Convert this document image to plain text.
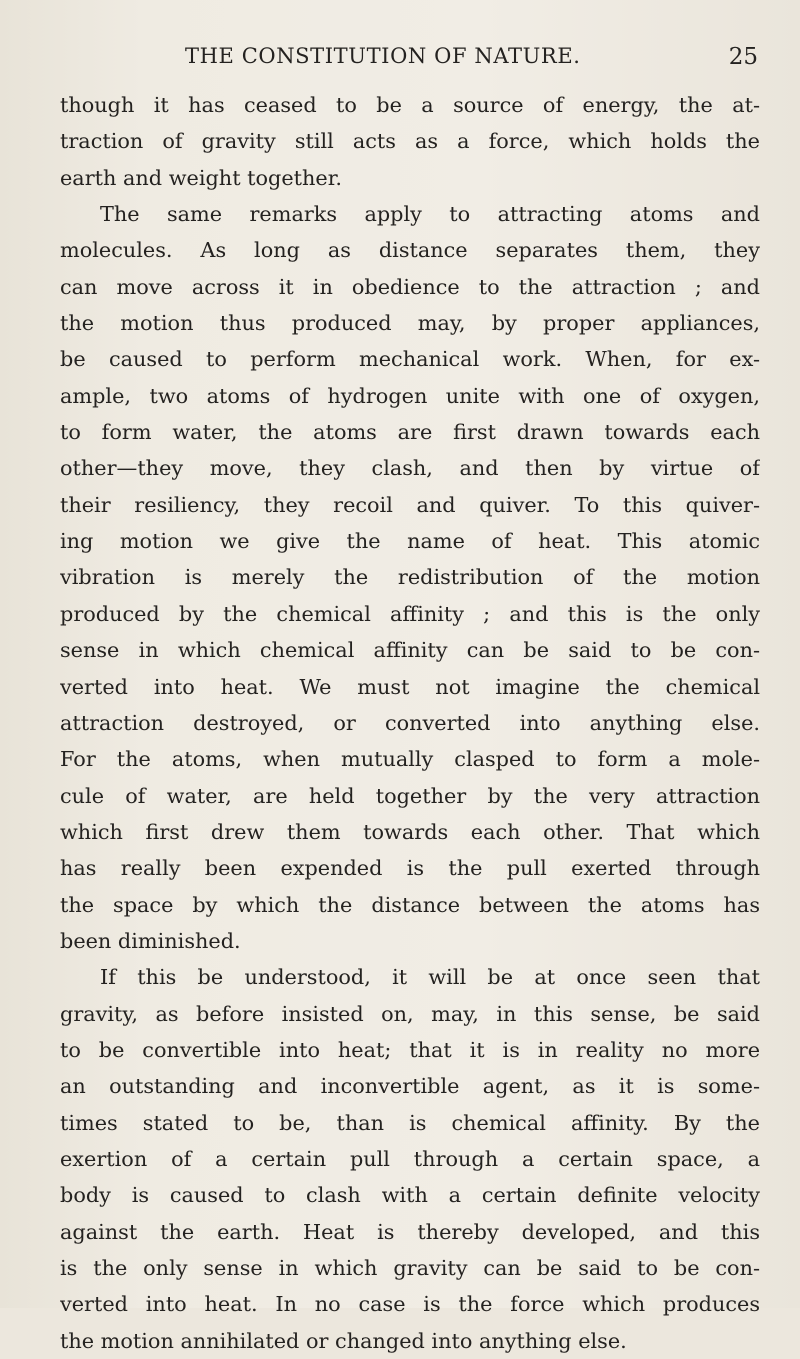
THE CONSTITUTION OF NATURE.	25
though it has ceased to be a source of energy, the at-
traction of gravity still acts as a force, which holds the
earth and weight together.
The same remarks apply to attracting atoms and
molecules. As long as distance separates them, they
can move across it in obedience to the attraction ; and
the motion thus produced may, by proper appliances,
be caused to perform mechanical work. When, for ex-
ample, two atoms of hydrogen unite with one of oxygen,
to form water, the atoms are first drawn towards each
other—they move, they clash, and then by virtue of
their resiliency, they recoil and quiver. To this quiver-
ing motion we give the name of heat. This atomic
vibration is merely the redistribution of the motion
produced by the chemical affinity ; and this is the only
sense in which chemical affinity can be said to be con-
verted into heat. We must not imagine the chemical
attraction destroyed, or converted into anything else.
For the atoms, when mutually clasped to form a mole-
cule of water, are held together by the very attraction
which first drew them towards each other. That which
has really been expended is the pull exerted through
the space by which the distance between the atoms has
been diminished.
If this be understood, it will be at once seen that
gravity, as before insisted on, may, in this sense, be said
to be convertible into heat; that it is in reality no more
an outstanding and inconvertible agent, as it is some-
times stated to be, than is chemical affinity. By the
exertion of a certain pull through a certain space, a
body is caused to clash with a certain definite velocity
against the earth. Heat is thereby developed, and this
is the only sense in which gravity can be said to be con-
verted into heat. In no case is the force which produces
the motion annihilated or changed into anything else.
